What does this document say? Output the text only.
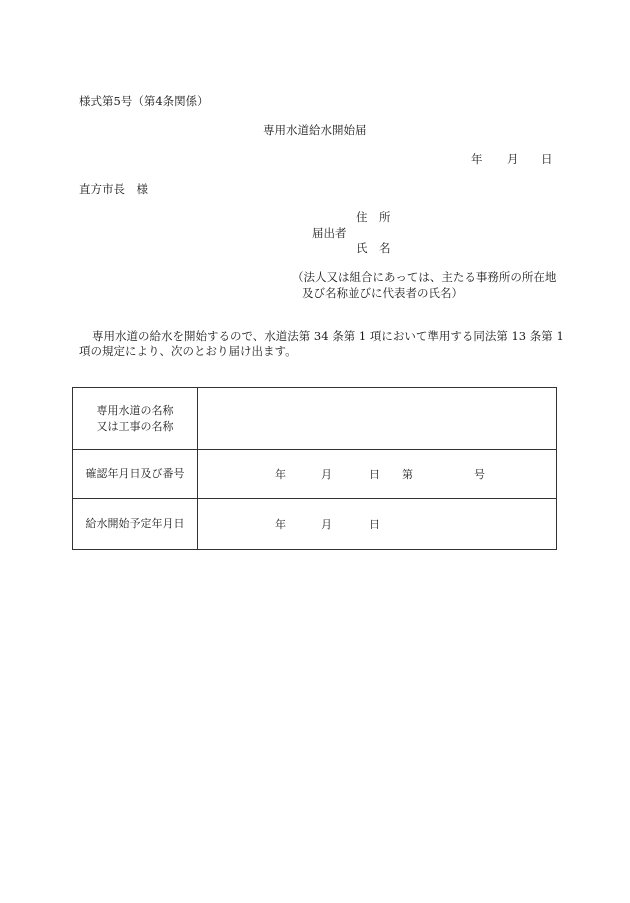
様式第5号（第4条関係）
専用水道給水開始届
年 月 日
直方市長　様
住　所
届出者
氏　名
（法人又は組合にあっては、主たる事務所の所在地
及び名称並びに代表者の氏名）
専用水道の給水を開始するので、水道法第 34 条第 1 項において準用する同法第 13 条第 1
項の規定により、次のとおり届け出ます。
専用水道の名称
又は工事の名称	

確認年月日及び番号	年 月 日 第 号

給水開始予定年月日	年 月 日
